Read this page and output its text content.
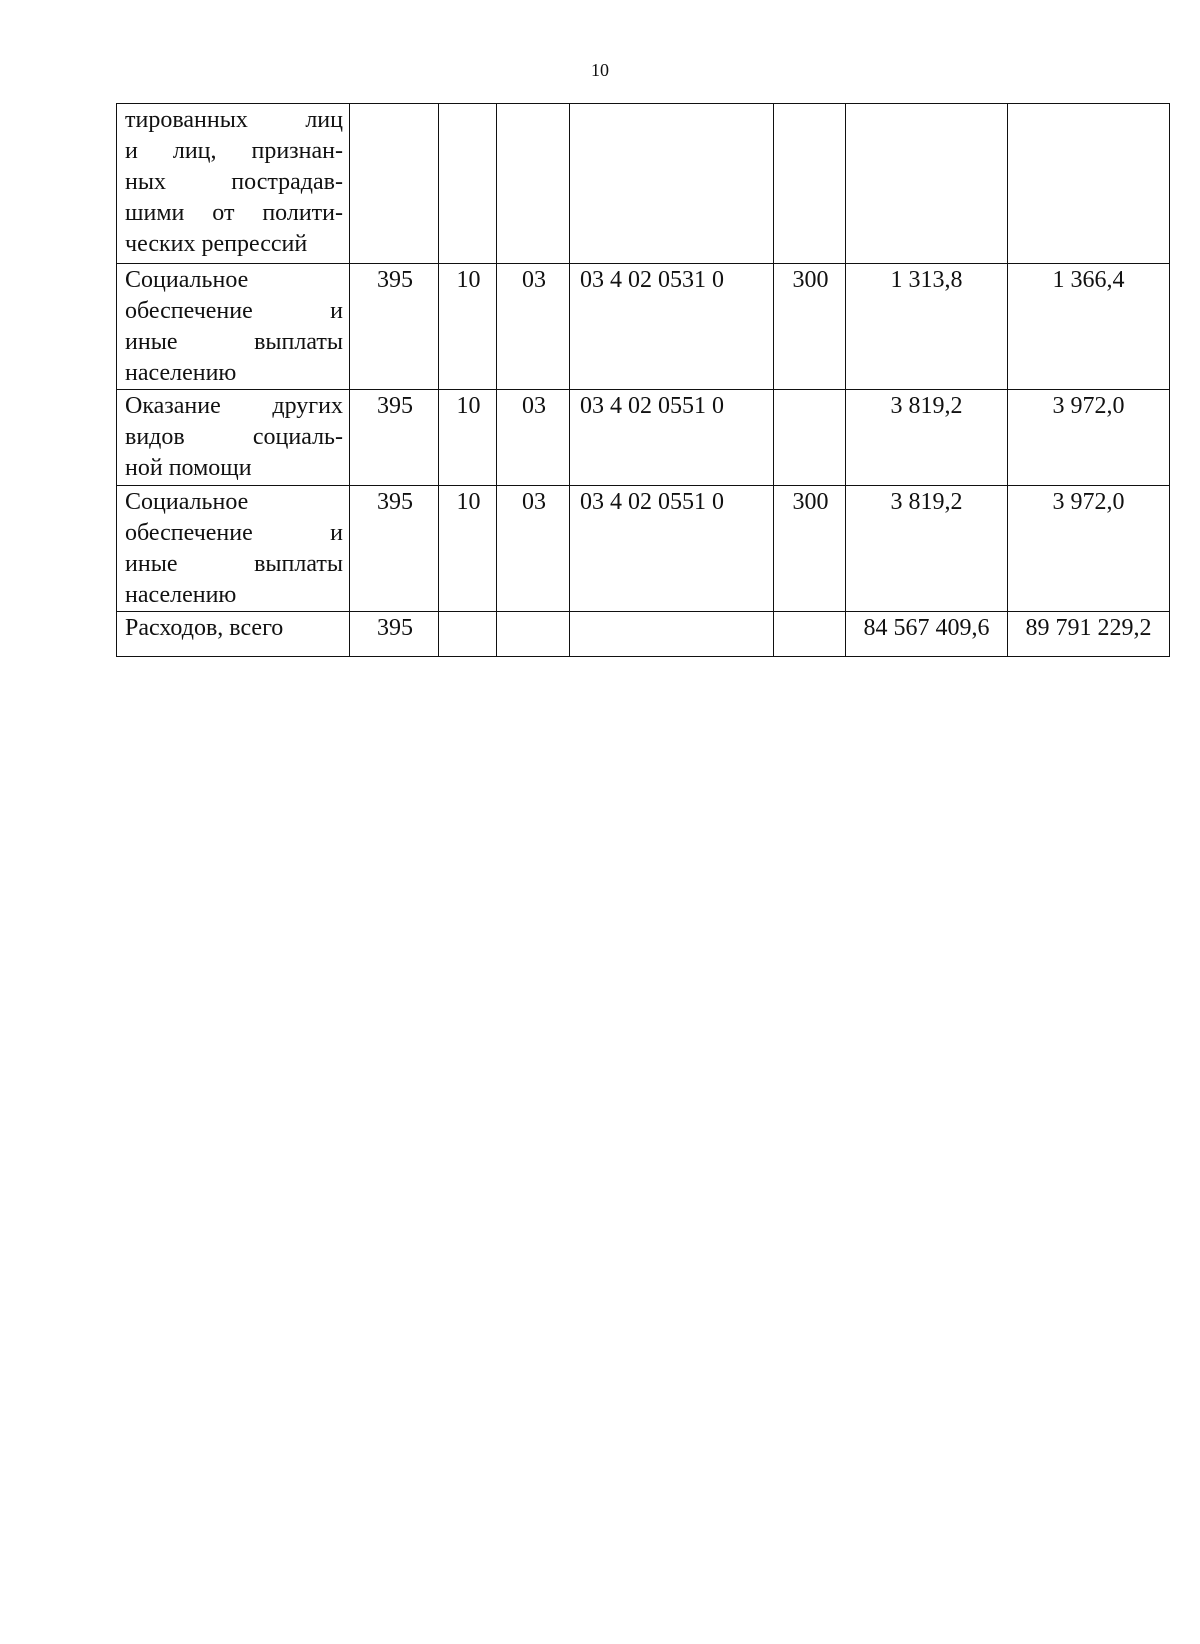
10
тированных лиц
и лиц, признан-
ных пострадав-
шими от полити-
ческих репрессий							

Социальное
обеспечение и
иные выплаты
населению	395	10	03	03 4 02 0531 0	300	1 313,8	1 366,4

Оказание других
видов социаль-
ной помощи	395	10	03	03 4 02 0551 0		3 819,2	3 972,0

Социальное
обеспечение и
иные выплаты
населению	395	10	03	03 4 02 0551 0	300	3 819,2	3 972,0

Расходов, всего	395					84 567 409,6	89 791 229,2
